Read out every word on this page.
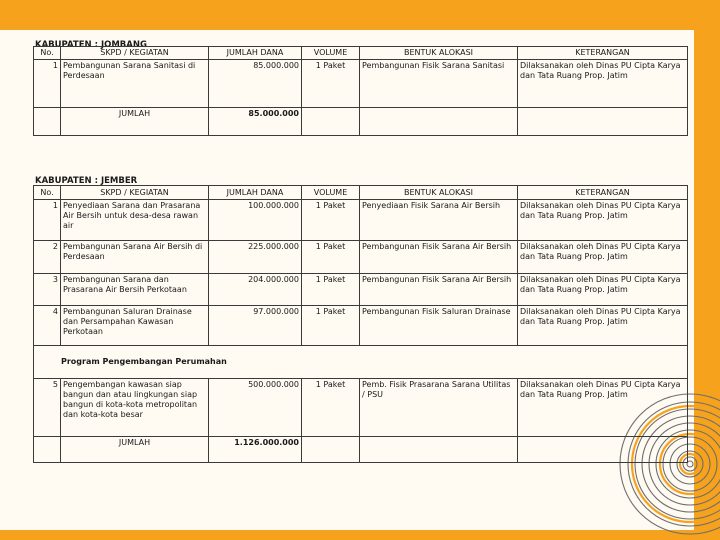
KABUPATEN : JOMBANG
No.	SKPD / KEGIATAN	JUMLAH DANA	VOLUME	BENTUK ALOKASI	KETERANGAN
1	Pembangunan Sarana Sanitasi di Perdesaan	85.000.000	1 Paket	Pembangunan Fisik Sarana Sanitasi	Dilaksanakan oleh Dinas PU Cipta Karya dan Tata Ruang Prop. Jatim
	JUMLAH	85.000.000			
KABUPATEN : JEMBER
No.	SKPD / KEGIATAN	JUMLAH DANA	VOLUME	BENTUK ALOKASI	KETERANGAN
1	Penyediaan Sarana dan Prasarana Air Bersih untuk desa-desa rawan air	100.000.000	1 Paket	Penyediaan Fisik Sarana Air Bersih	Dilaksanakan oleh Dinas PU Cipta Karya dan Tata Ruang Prop. Jatim
2	Pembangunan Sarana Air Bersih di Perdesaan	225.000.000	1 Paket	Pembangunan Fisik Sarana Air Bersih	Dilaksanakan oleh Dinas PU Cipta Karya dan Tata Ruang Prop. Jatim
3	Pembangunan Sarana dan Prasarana Air Bersih Perkotaan	204.000.000	1 Paket	Pembangunan Fisik Sarana Air Bersih	Dilaksanakan oleh Dinas PU Cipta Karya dan Tata Ruang Prop. Jatim
4	Pembangunan Saluran Drainase dan Persampahan Kawasan Perkotaan	97.000.000	1 Paket	Pembangunan Fisik Saluran Drainase	Dilaksanakan oleh Dinas PU Cipta Karya dan Tata Ruang Prop. Jatim
Program Pengembangan Perumahan					
5	Pengembangan kawasan siap bangun dan atau lingkungan siap bangun di kota-kota metropolitan dan kota-kota besar	500.000.000	1 Paket	Pemb. Fisik Prasarana Sarana Utilitas / PSU	Dilaksanakan oleh Dinas PU Cipta Karya dan Tata Ruang Prop. Jatim
	JUMLAH	1.126.000.000			
